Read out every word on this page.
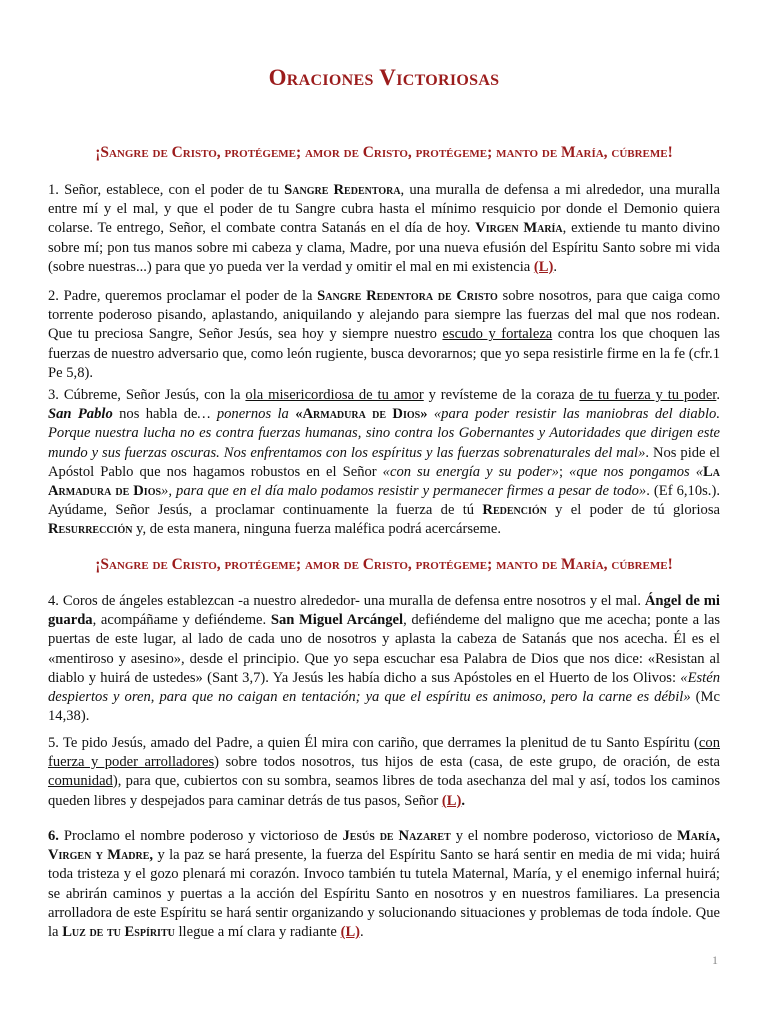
Oraciones Victoriosas
¡Sangre de Cristo, protégeme; amor de Cristo, protégeme; manto de María, cúbreme!
1. Señor, establece, con el poder de tu Sangre Redentora, una muralla de defensa a mi alrededor, una muralla entre mí y el mal, y que el poder de tu Sangre cubra hasta el mínimo resquicio por donde el Demonio quiera colarse. Te entrego, Señor, el combate contra Satanás en el día de hoy. Virgen María, extiende tu manto divino sobre mí; pon tus manos sobre mi cabeza y clama, Madre, por una nueva efusión del Espíritu Santo sobre mi vida (sobre nuestras...) para que yo pueda ver la verdad y omitir el mal en mi existencia (L).
2. Padre, queremos proclamar el poder de la Sangre Redentora de Cristo sobre nosotros, para que caiga como torrente poderoso pisando, aplastando, aniquilando y alejando para siempre las fuerzas del mal que nos rodean. Que tu preciosa Sangre, Señor Jesús, sea hoy y siempre nuestro escudo y fortaleza contra los que choquen las fuerzas de nuestro adversario que, como león rugiente, busca devorarnos; que yo sepa resistirle firme en la fe (cfr.1 Pe 5,8).
3. Cúbreme, Señor Jesús, con la ola misericordiosa de tu amor y revísteme de la coraza de tu fuerza y tu poder. San Pablo nos habla de… ponernos la «Armadura de Dios» «para poder resistir las maniobras del diablo. Porque nuestra lucha no es contra fuerzas humanas, sino contra los Gobernantes y Autoridades que dirigen este mundo y sus fuerzas oscuras. Nos enfrentamos con los espíritus y las fuerzas sobrenaturales del mal». Nos pide el Apóstol Pablo que nos hagamos robustos en el Señor «con su energía y su poder»; «que nos pongamos «La Armadura de Dios», para que en el día malo podamos resistir y permanecer firmes a pesar de todo». (Ef 6,10s.). Ayúdame, Señor Jesús, a proclamar continuamente la fuerza de tú Redención y el poder de tú gloriosa Resurrección y, de esta manera, ninguna fuerza maléfica podrá acercárseme.
¡Sangre de Cristo, protégeme; amor de Cristo, protégeme; manto de María, cúbreme!
4. Coros de ángeles establezcan -a nuestro alrededor- una muralla de defensa entre nosotros y el mal. Ángel de mi guarda, acompáñame y defiéndeme. San Miguel Arcángel, defiéndeme del maligno que me acecha; ponte a las puertas de este lugar, al lado de cada uno de nosotros y aplasta la cabeza de Satanás que nos acecha. Él es el «mentiroso y asesino», desde el principio. Que yo sepa escuchar esa Palabra de Dios que nos dice: «Resistan al diablo y huirá de ustedes» (Sant 3,7). Ya Jesús les había dicho a sus Apóstoles en el Huerto de los Olivos: «Estén despiertos y oren, para que no caigan en tentación; ya que el espíritu es animoso, pero la carne es débil» (Mc 14,38).
5. Te pido Jesús, amado del Padre, a quien Él mira con cariño, que derrames la plenitud de tu Santo Espíritu (con fuerza y poder arrolladores) sobre todos nosotros, tus hijos de esta (casa, de este grupo, de oración, de esta comunidad), para que, cubiertos con su sombra, seamos libres de toda asechanza del mal y así, todos los caminos queden libres y despejados para caminar detrás de tus pasos, Señor (L).
6. Proclamo el nombre poderoso y victorioso de Jesús de Nazaret y el nombre poderoso, victorioso de María, Virgen y Madre, y la paz se hará presente, la fuerza del Espíritu Santo se hará sentir en media de mi vida; huirá toda tristeza y el gozo plenará mi corazón. Invoco también tu tutela Maternal, María, y el enemigo infernal huirá; se abrirán caminos y puertas a la acción del Espíritu Santo en nosotros y en nuestros familiares. La presencia arrolladora de este Espíritu se hará sentir organizando y solucionando situaciones y problemas de toda índole. Que la Luz de tu Espíritu llegue a mí clara y radiante (L).
1
